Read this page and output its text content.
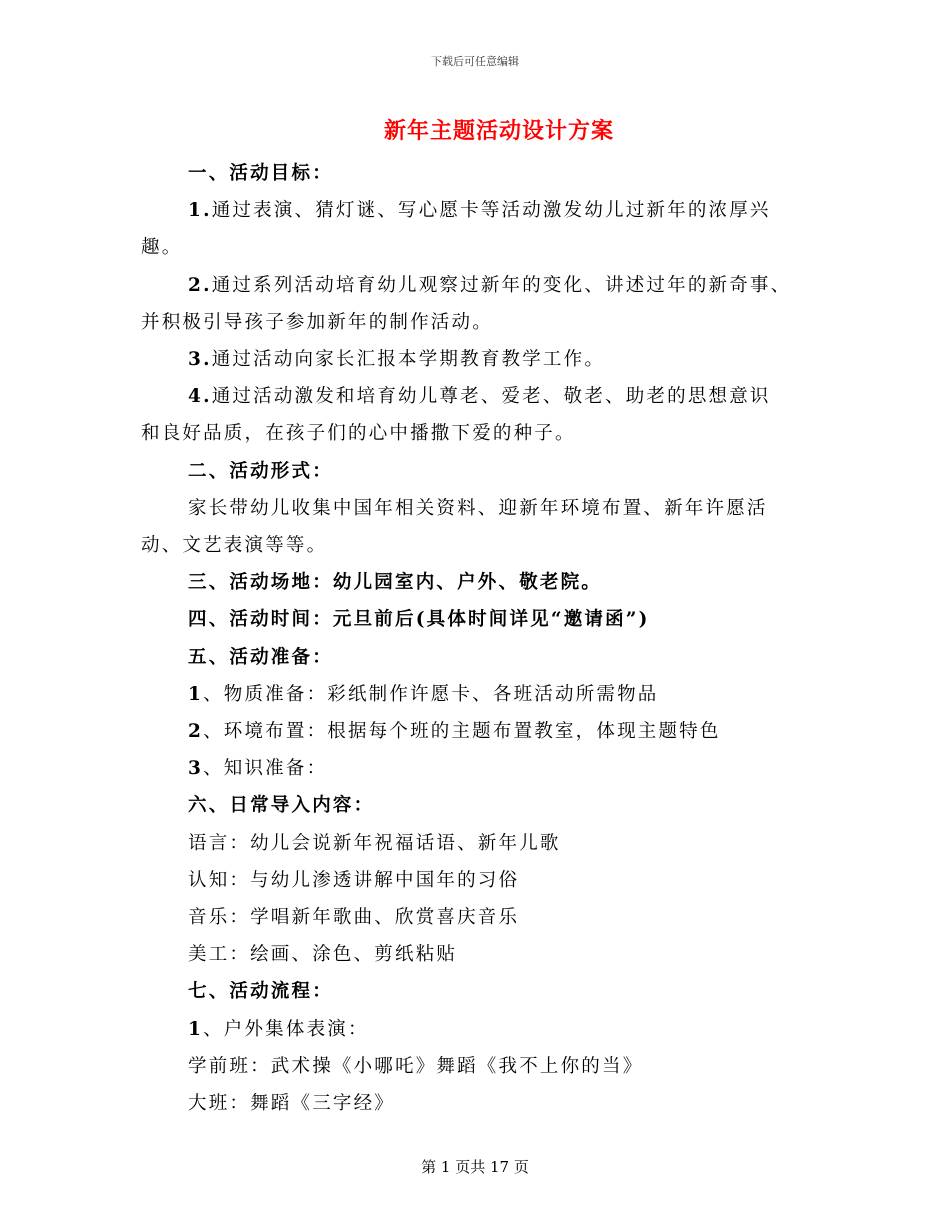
下载后可任意编辑
新年主题活动设计方案
一、活动目标：
1.通过表演、猜灯谜、写心愿卡等活动激发幼儿过新年的浓厚兴
趣。
2.通过系列活动培育幼儿观察过新年的变化、讲述过年的新奇事、
并积极引导孩子参加新年的制作活动。
3.通过活动向家长汇报本学期教育教学工作。
4.通过活动激发和培育幼儿尊老、爱老、敬老、助老的思想意识
和良好品质，在孩子们的心中播撒下爱的种子。
二、活动形式：
家长带幼儿收集中国年相关资料、迎新年环境布置、新年许愿活
动、文艺表演等等。
三、活动场地：幼儿园室内、户外、敬老院。
四、活动时间：元旦前后(具体时间详见“邀请函”)
五、活动准备：
1、物质准备：彩纸制作许愿卡、各班活动所需物品
2、环境布置：根据每个班的主题布置教室，体现主题特色
3、知识准备：
六、日常导入内容：
语言：幼儿会说新年祝福话语、新年儿歌
认知：与幼儿渗透讲解中国年的习俗
音乐：学唱新年歌曲、欣赏喜庆音乐
美工：绘画、涂色、剪纸粘贴
七、活动流程：
1、户外集体表演：
学前班：武术操《小哪吒》舞蹈《我不上你的当》
大班：舞蹈《三字经》
第 1 页共 17 页
